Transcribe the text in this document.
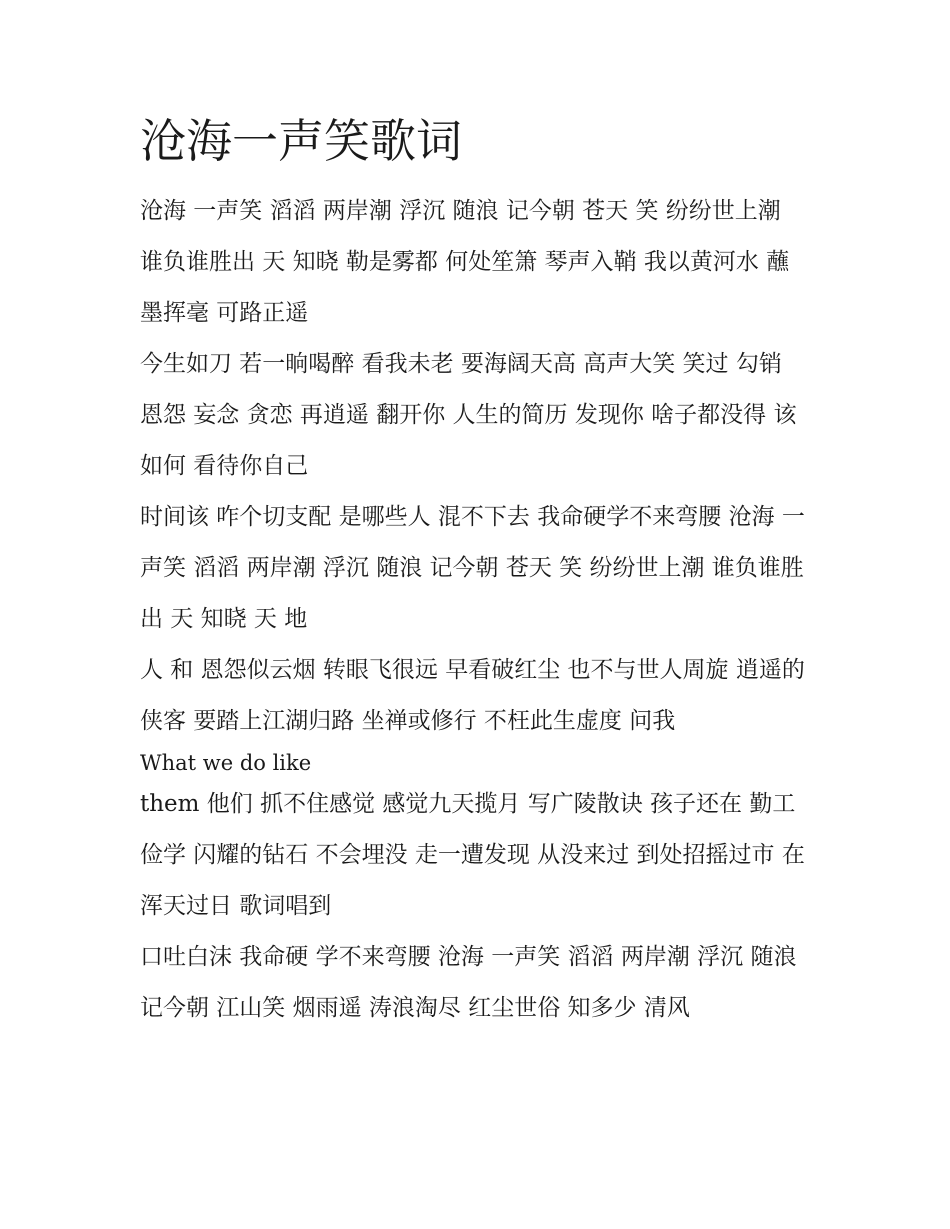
沧海一声笑歌词

沧海 一声笑 滔滔 两岸潮 浮沉 随浪 记今朝 苍天 笑 纷纷世上潮 谁负谁胜出 天 知晓 勒是雾都 何处笙箫 琴声入鞘 我以黄河水 蘸墨挥毫 可路正遥

今生如刀 若一晌喝醉 看我未老 要海阔天高 高声大笑 笑过 勾销 恩怨 妄念 贪恋 再逍遥 翻开你 人生的简历 发现你 啥子都没得 该如何 看待你自己

时间该 咋个切支配 是哪些人 混不下去 我命硬学不来弯腰 沧海 一声笑 滔滔 两岸潮 浮沉 随浪 记今朝 苍天 笑 纷纷世上潮 谁负谁胜出 天 知晓 天 地

人 和 恩怨似云烟 转眼飞很远 早看破红尘 也不与世人周旋 逍遥的侠客 要踏上江湖归路 坐禅或修行 不枉此生虚度 问我

What we do like

them 他们 抓不住感觉 感觉九天揽月 写广陵散诀 孩子还在 勤工俭学 闪耀的钻石 不会埋没 走一遭发现 从没来过 到处招摇过市 在浑天过日 歌词唱到

口吐白沫 我命硬 学不来弯腰 沧海 一声笑 滔滔 两岸潮 浮沉 随浪 记今朝 江山笑 烟雨遥 涛浪淘尽 红尘世俗 知多少 清风
